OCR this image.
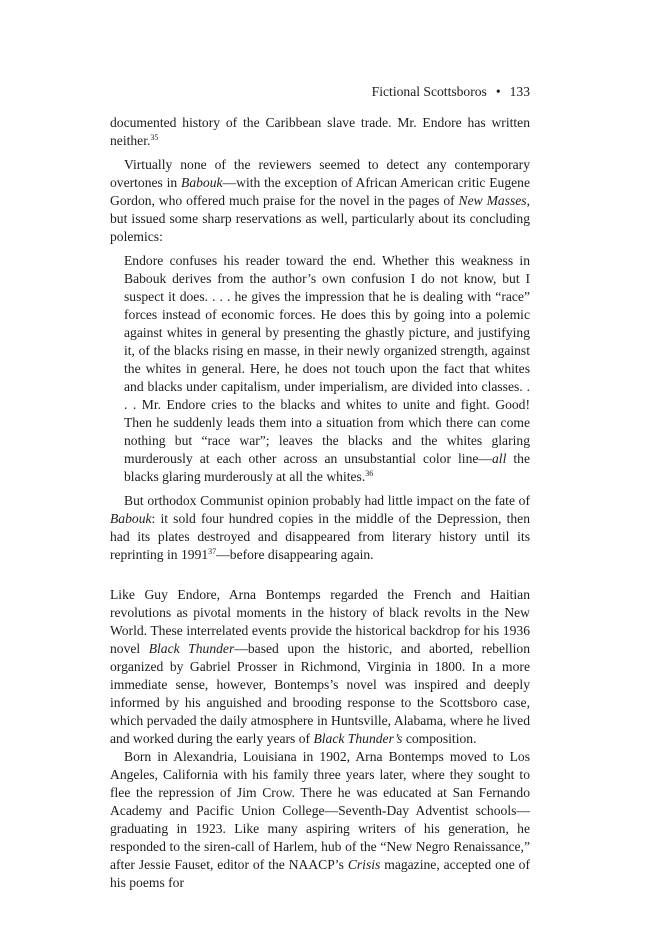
Fictional Scottsboros • 133

documented history of the Caribbean slave trade. Mr. Endore has written neither.$^{35}$

Virtually none of the reviewers seemed to detect any contemporary overtones in Babouk—with the exception of African American critic Eugene Gordon, who offered much praise for the novel in the pages of New Masses, but issued some sharp reservations as well, particularly about its concluding polemics:

Endore confuses his reader toward the end. Whether this weakness in Babouk derives from the author’s own confusion I do not know, but I suspect it does. . . . he gives the impression that he is dealing with “race” forces instead of economic forces. He does this by going into a polemic against whites in general by presenting the ghastly picture, and justifying it, of the blacks rising en masse, in their newly organized strength, against the whites in general. Here, he does not touch upon the fact that whites and blacks under capitalism, under imperialism, are divided into classes. . . . Mr. Endore cries to the blacks and whites to unite and fight. Good! Then he suddenly leads them into a situation from which there can come nothing but “race war”; leaves the blacks and the whites glaring murderously at each other across an unsubstantial color line—all the blacks glaring murderously at all the whites.$^{36}$

But orthodox Communist opinion probably had little impact on the fate of Babouk: it sold four hundred copies in the middle of the Depression, then had its plates destroyed and disappeared from literary history until its reprinting in 1991$^{37}$—before disappearing again.

Like Guy Endore, Arna Bontemps regarded the French and Haitian revolutions as pivotal moments in the history of black revolts in the New World. These interrelated events provide the historical backdrop for his 1936 novel Black Thunder—based upon the historic, and aborted, rebellion organized by Gabriel Prosser in Richmond, Virginia in 1800. In a more immediate sense, however, Bontemps’s novel was inspired and deeply informed by his anguished and brooding response to the Scottsboro case, which pervaded the daily atmosphere in Huntsville, Alabama, where he lived and worked during the early years of Black Thunder’s composition.

Born in Alexandria, Louisiana in 1902, Arna Bontemps moved to Los Angeles, California with his family three years later, where they sought to flee the repression of Jim Crow. There he was educated at San Fernando Academy and Pacific Union College—Seventh-Day Adventist schools—graduating in 1923. Like many aspiring writers of his generation, he responded to the siren-call of Harlem, hub of the “New Negro Renaissance,” after Jessie Fauset, editor of the NAACP’s Crisis magazine, accepted one of his poems for
